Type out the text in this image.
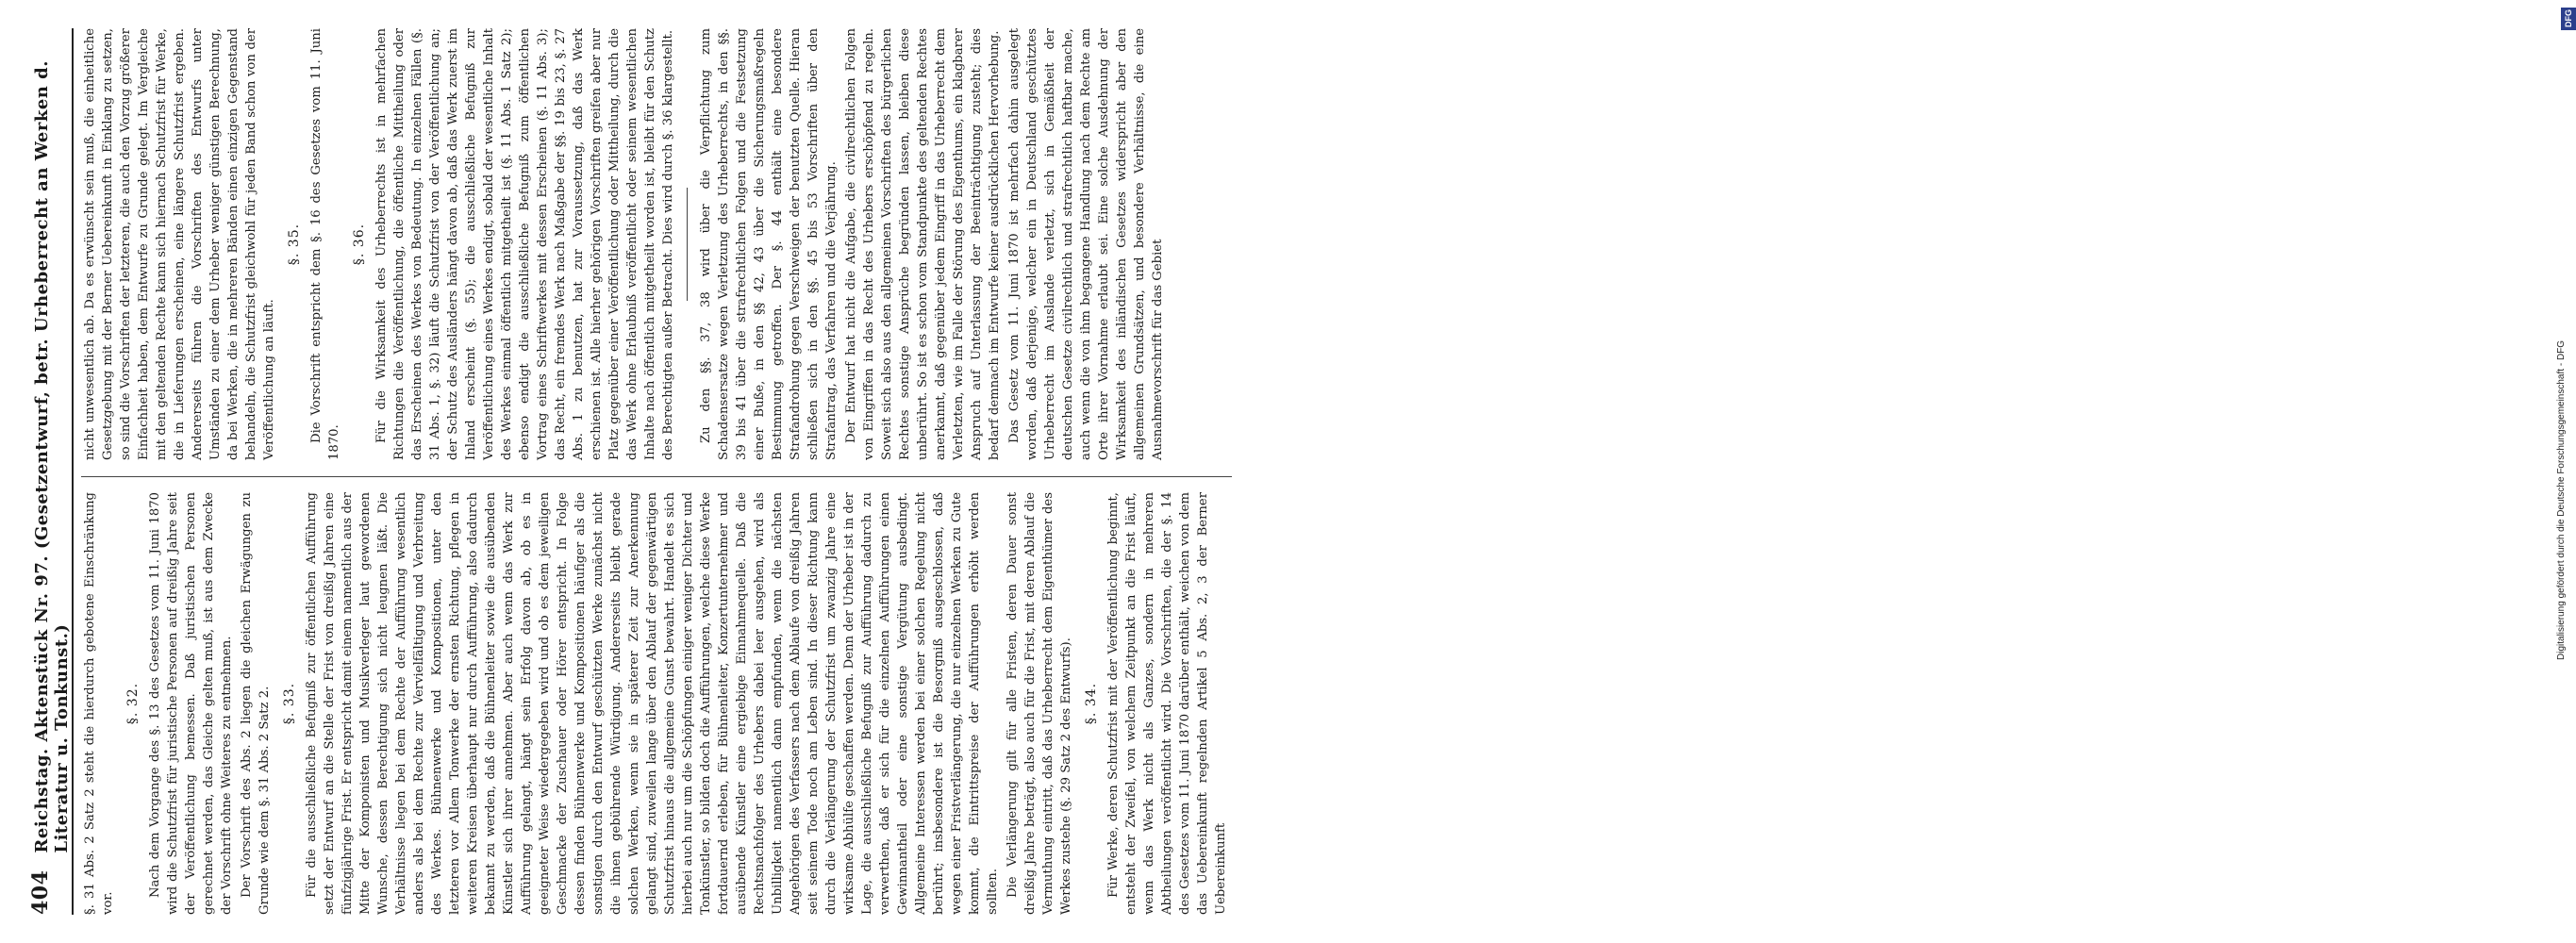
DFG
Digitalisierung gefördert durch die Deutsche Forschungsgemeinschaft - DFG
404
Reichstag. Aktenstück Nr. 97. (Gesetzentwurf, betr. Urheberrecht an Werken d. Literatur u. Tonkunst.) §. 31 Abs. 2 Satz 2 steht die hierdurch gebotene Einschränkung vor.

§. 32. Nach dem Vorgange des §. 13 des Gesetzes vom 11. Juni 1870 wird die Schutzfrist für juristische Personen auf dreißig Jahre seit der Veröffentlichung bemessen. Daß juristischen Personen gerechnet werden, das Gleiche gelten muß, ist aus dem Zwecke der Vorschrift ohne Weiteres zu entnehmen. Der Vorschrift des Abs. 2 liegen die gleichen Erwägungen zu Grunde wie dem §. 31 Abs. 2 Satz 2. §. 33. Für die ausschließliche Befugniß zur öffentlichen Aufführung setzt der Entwurf an die Stelle der Frist von dreißig Jahren eine fünfzigjährige Frist. Er entspricht damit einem namentlich aus der Mitte der Komponisten und Musikverleger laut gewordenen Wunsche, dessen Berechtigung sich nicht leugnen läßt. Die Verhältnisse liegen bei dem Rechte der Aufführung wesentlich anders als bei dem Rechte zur Vervielfältigung und Verbreitung des Werkes. Bühnenwerke und Kompositionen, unter den letzteren vor Allem Tonwerke der ernsten Richtung, pflegen in weiteren Kreisen überhaupt nur durch Aufführung, also dadurch bekannt zu werden, daß die Bühnenleiter sowie die ausübenden Künstler sich ihrer annehmen. Aber auch wenn das Werk zur Aufführung gelangt, hängt sein Erfolg davon ab, ob es in geeigneter Weise wiedergegeben wird und ob es dem jeweiligen Geschmacke der Zuschauer oder Hörer entspricht. In Folge dessen finden Bühnenwerke und Kompositionen häufiger als die sonstigen durch den Entwurf geschützten Werke zunächst nicht die ihnen gebührende Würdigung. Andererseits bleibt gerade solchen Werken, wenn sie in späterer Zeit zur Anerkennung gelangt sind, zuweilen lange über den Ablauf der gegenwärtigen Schutzfrist hinaus die allgemeine Gunst bewahrt. Handelt es sich hierbei auch nur um die Schöpfungen einiger weniger Dichter und Tonkünstler, so bilden doch die Aufführungen, welche diese Werke fortdauernd erleben, für Bühnenleiter, Konzertunternehmer und ausübende Künstler eine ergiebige Einnahmequelle. Daß die Rechtsnachfolger des Urhebers dabei leer ausgehen, wird als Unbilligkeit namentlich dann empfunden, wenn die nächsten Angehörigen des Verfassers nach dem Ablaufe von dreißig Jahren seit seinem Tode noch am Leben sind. In dieser Richtung kann durch die Verlängerung der Schutzfrist um zwanzig Jahre eine wirksame Abhülfe geschaffen werden. Denn der Urheber ist in der Lage, die ausschließliche Befugniß zur Aufführung dadurch zu verwerthen, daß er sich für die einzelnen Aufführungen einen Gewinnantheil oder eine sonstige Vergütung ausbedingt. Allgemeine Interessen werden bei einer solchen Regelung nicht berührt; insbesondere ist die Besorgniß ausgeschlossen, daß wegen einer Fristverlängerung, die nur einzelnen Werken zu Gute kommt, die Eintrittspreise der Aufführungen erhöht werden sollten. Die Verlängerung gilt für alle Fristen, deren Dauer sonst dreißig Jahre beträgt, also auch für die Frist, mit deren Ablauf die Vermuthung eintritt, daß das Urheberrecht dem Eigenthümer des Werkes zustehe (§. 29 Satz 2 des Entwurfs). §. 34. Für Werke, deren Schutzfrist mit der Veröffentlichung beginnt, entsteht der Zweifel, von welchem Zeitpunkt an die Frist läuft, wenn das Werk nicht als Ganzes, sondern in mehreren Abtheilungen veröffentlicht wird. Die Vorschriften, die der §. 14 des Gesetzes vom 11. Juni 1870 darüber enthält, weichen von dem das Uebereinkunft regelnden Artikel 5 Abs. 2, 3 der Berner Uebereinkunft

nicht unwesentlich ab. Da es erwünscht sein muß, die einheitliche Gesetzgebung mit der Berner Uebereinkunft in Einklang zu setzen, so sind die Vorschriften der letzteren, die auch den Vorzug größerer Einfachheit haben, dem Entwurfe zu Grunde gelegt. Im Vergleiche mit den geltenden Rechte kann sich hiernach Schutzfrist für Werke, die in Lieferungen erscheinen, eine längere Schutzfrist ergeben. Andererseits führen die Vorschriften des Entwurfs unter Umständen zu einer dem Urheber weniger günstigen Berechnung, da bei Werken, die in mehreren Bänden einen einzigen Gegenstand behandeln, die Schutzfrist gleichwohl für jeden Band schon von der Veröffentlichung an läuft.

§. 35. Die Vorschrift entspricht dem §. 16 des Gesetzes vom 11. Juni 1870.

§. 36. Für die Wirksamkeit des Urheberrechts ist in mehrfachen Richtungen die Veröffentlichung, die öffentliche Mittheilung oder das Erscheinen des Werkes von Bedeutung. In einzelnen Fällen (§. 31 Abs. 1, §. 32) läuft die Schutzfrist von der Veröffentlichung an; der Schutz des Ausländers hängt davon ab, daß das Werk zuerst im Inland erscheint (§. 55); die ausschließliche Befugniß zur Veröffentlichung eines Werkes endigt, sobald der wesentliche Inhalt des Werkes einmal öffentlich mitgetheilt ist (§. 11 Abs. 1 Satz 2); ebenso endigt die ausschließliche Befugniß zum öffentlichen Vortrag eines Schriftwerkes mit dessen Erscheinen (§. 11 Abs. 3); das Recht, ein fremdes Werk nach Maßgabe der §§. 19 bis 23, §. 27 Abs. 1 zu benutzen, hat zur Voraussetzung, daß das Werk erschienen ist. Alle hierher gehörigen Vorschriften greifen aber nur Platz gegenüber einer Veröffentlichung oder Mittheilung, durch die das Werk ohne Erlaubniß veröffentlicht oder seinem wesentlichen Inhalte nach öffentlich mitgetheilt worden ist, bleibt für den Schutz des Berechtigten außer Betracht. Dies wird durch §. 36 klargestellt. Zu den §§. 37, 38 wird über die Verpflichtung zum Schadensersatze wegen Verletzung des Urheberrechts, in den §§. 39 bis 41 über die strafrechtlichen Folgen und die Festsetzung einer Buße, in den §§ 42, 43 über die Sicherungsmaßregeln Bestimmung getroffen. Der §. 44 enthält eine besondere Strafandrohung gegen Verschweigen der benutzten Quelle. Hieran schließen sich in den §§. 45 bis 53 Vorschriften über den Strafantrag, das Verfahren und die Verjährung. Der Entwurf hat nicht die Aufgabe, die civilrechtlichen Folgen von Eingriffen in das Recht des Urhebers erschöpfend zu regeln. Soweit sich also aus den allgemeinen Vorschriften des bürgerlichen Rechtes sonstige Ansprüche begründen lassen, bleiben diese unberührt. So ist es schon vom Standpunkte des geltenden Rechtes anerkannt, daß gegenüber jedem Eingriff in das Urheberrecht dem Verletzten, wie im Falle der Störung des Eigenthums, ein klagbarer Anspruch auf Unterlassung der Beeinträchtigung zusteht; dies bedarf demnach im Entwurfe keiner ausdrücklichen Hervorhebung. Das Gesetz vom 11. Juni 1870 ist mehrfach dahin ausgelegt worden, daß derjenige, welcher ein in Deutschland geschütztes Urheberrecht im Auslande verletzt, sich in Gemäßheit der deutschen Gesetze civilrechtlich und strafrechtlich haftbar mache, auch wenn die von ihm begangene Handlung nach dem Rechte am Orte ihrer Vornahme erlaubt sei. Eine solche Ausdehnung der Wirksamkeit des inländischen Gesetzes widerspricht aber den allgemeinen Grundsätzen, und besondere Verhältnisse, die eine Ausnahmevorschrift für das Gebiet
